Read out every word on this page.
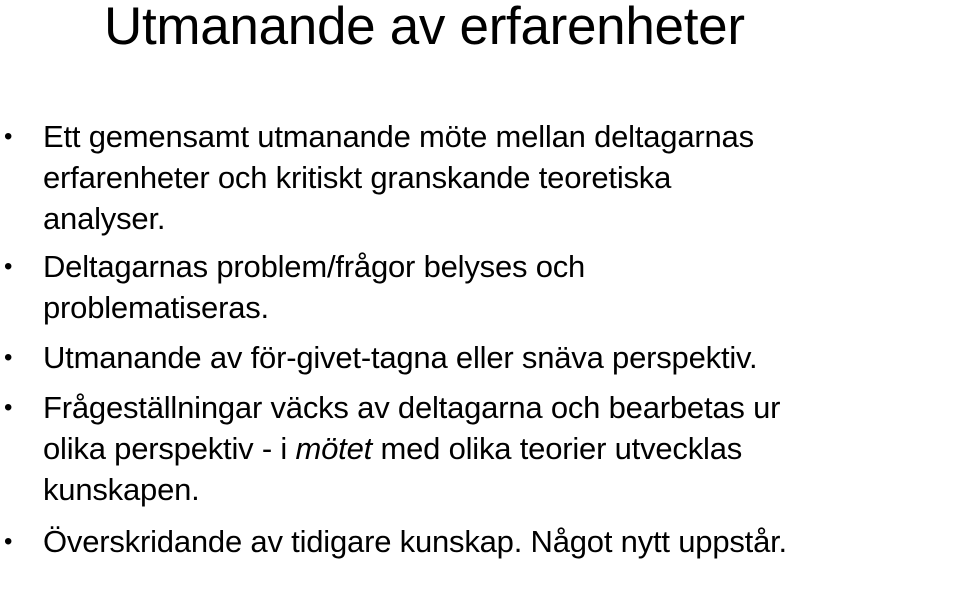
Utmanande av erfarenheter
• Ett gemensamt utmanande möte mellan deltagarnas
erfarenheter och kritiskt granskande teoretiska
analyser.
• Deltagarnas problem/frågor belyses och
problematiseras.
• Utmanande av för-givet-tagna eller snäva perspektiv.
• Frågeställningar väcks av deltagarna och bearbetas ur
olika perspektiv - i mötet med olika teorier utvecklas
kunskapen.
• Överskridande av tidigare kunskap. Något nytt uppstår.
